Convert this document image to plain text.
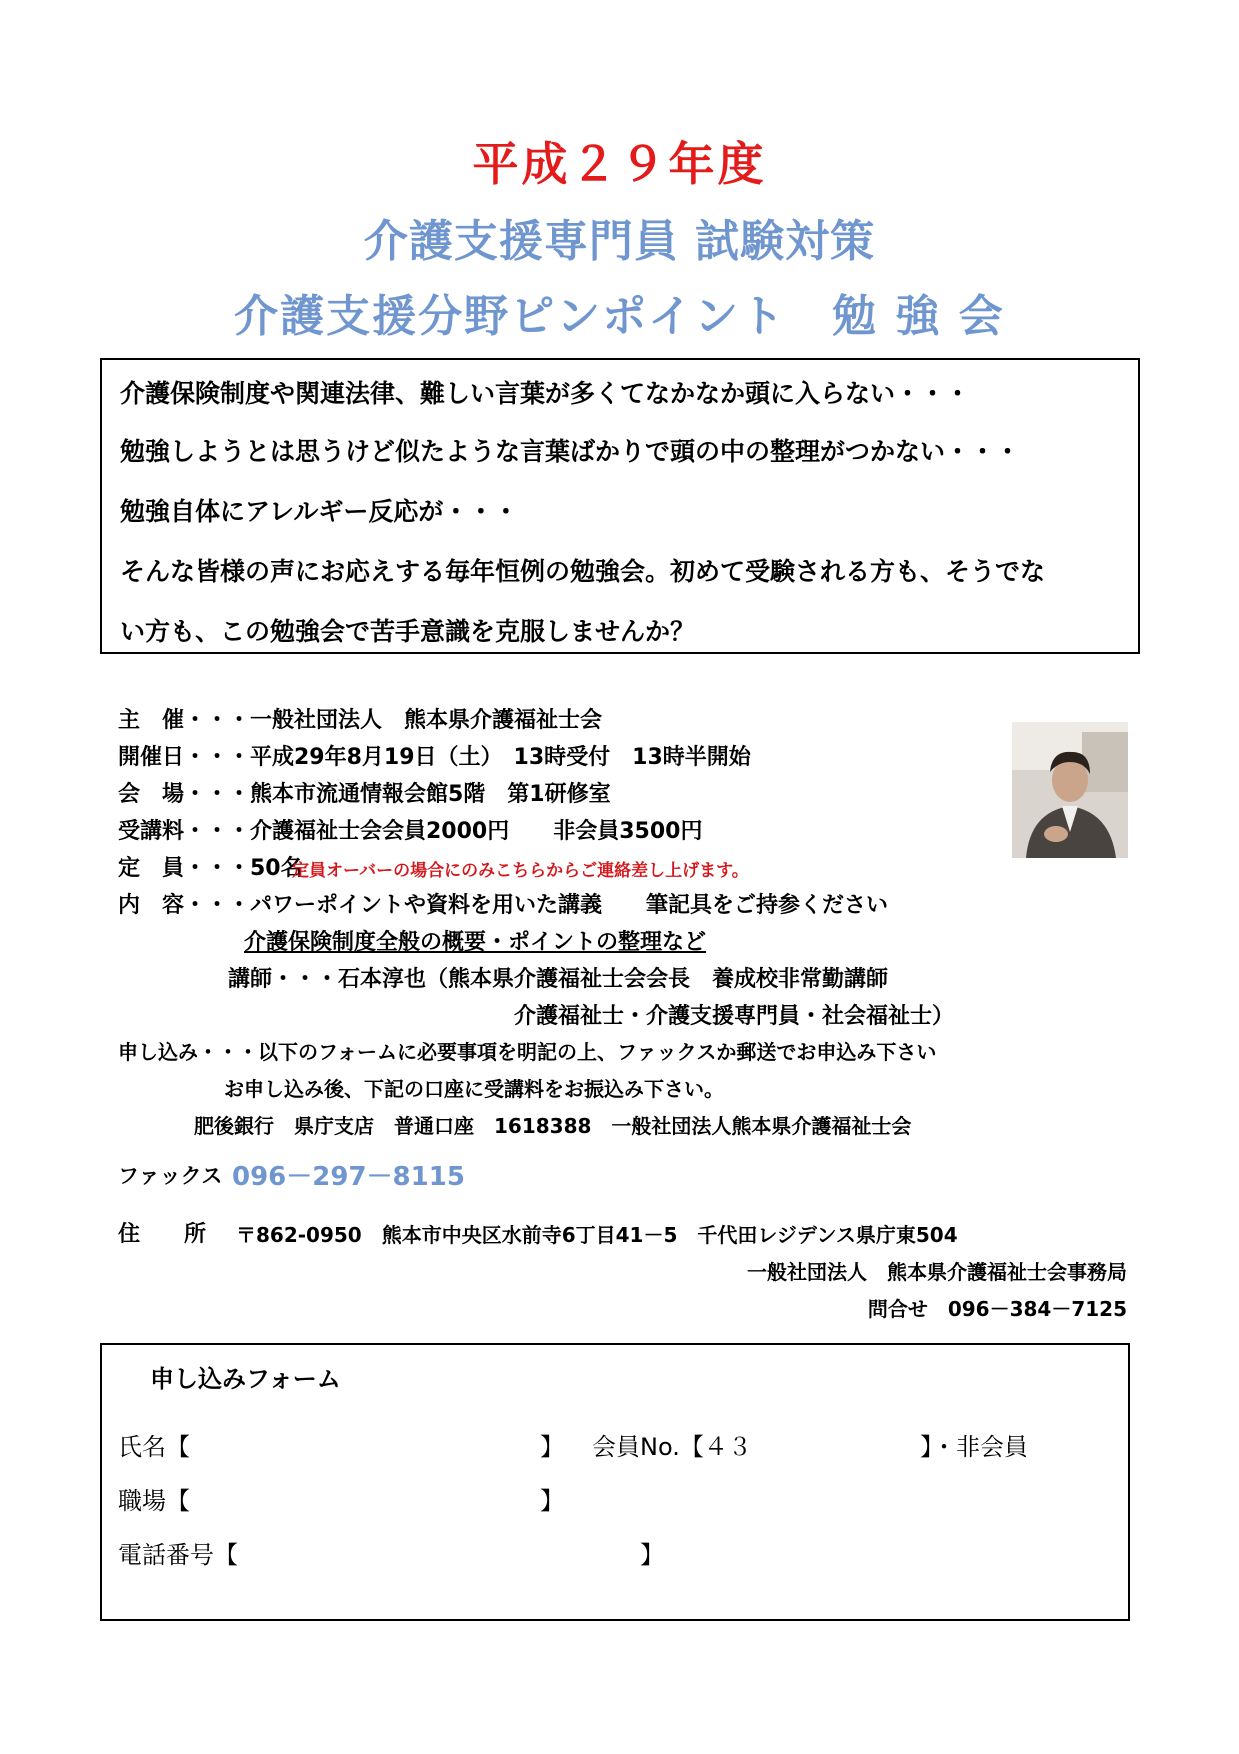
平成２９年度
介護支援専門員 試験対策
介護支援分野ピンポイント　勉 強 会

介護保険制度や関連法律、難しい言葉が多くてなかなか頭に入らない・・・

勉強しようとは思うけど似たような言葉ばかりで頭の中の整理がつかない・・・

勉強自体にアレルギー反応が・・・

そんな皆様の声にお応えする毎年恒例の勉強会。初めて受験される方も、そうでな

い方も、この勉強会で苦手意識を克服しませんか？

主　催・・・一般社団法人　熊本県介護福祉士会
開催日・・・平成29年8月19日（土）　13時受付　13時半開始
会　場・・・熊本市流通情報会館5階　第1研修室
受講料・・・介護福祉士会会員2000円　　非会員3500円
定　員・・・50名
定員オーバーの場合にのみこちらからご連絡差し上げます。
内　容・・・パワーポイントや資料を用いた講義　　筆記具をご持参ください
介護保険制度全般の概要・ポイントの整理など
講師・・・石本淳也（熊本県介護福祉士会会長　養成校非常勤講師
介護福祉士・介護支援専門員・社会福祉士）
申し込み・・・以下のフォームに必要事項を明記の上、ファックスか郵送でお申込み下さい
お申し込み後、下記の口座に受講料をお振込み下さい。
肥後銀行　県庁支店　普通口座　1618388　一般社団法人熊本県介護福祉士会
ファックス 096－297－8115
住　　所 〒862-0950　熊本市中央区水前寺6丁目41－5　千代田レジデンス県庁東504
一般社団法人　熊本県介護福祉士会事務局
問合せ　096－384－7125
申し込みフォーム
氏名【	】 会員No.【４３	】・非会員
職場【	】
電話番号【	】
